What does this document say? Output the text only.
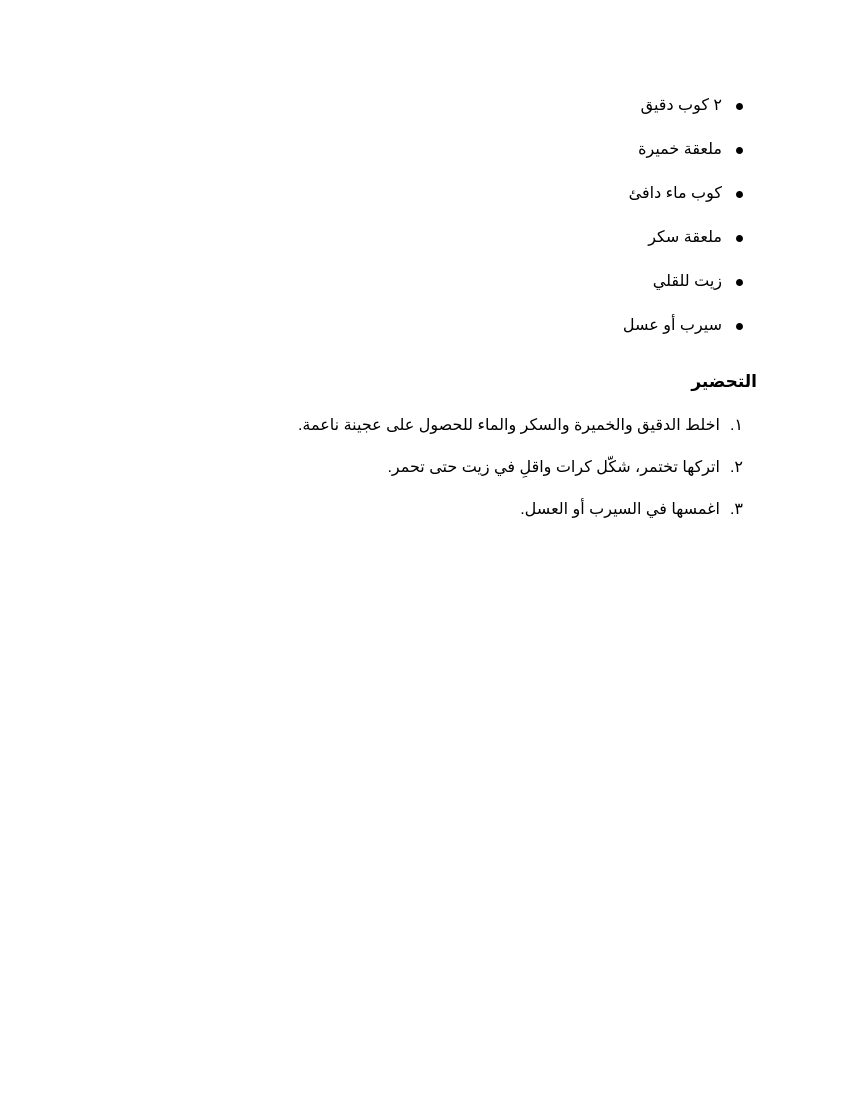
٢ كوب دقيق
ملعقة خميرة
كوب ماء دافئ
ملعقة سكر
زيت للقلي
سيرب أو عسل
التحضير
١.
اخلط الدقيق والخميرة والسكر والماء للحصول على عجينة ناعمة.
٢.
اتركها تختمر، شكّل كرات واقلِ في زيت حتى تحمر.
٣.
اغمسها في السيرب أو العسل.
